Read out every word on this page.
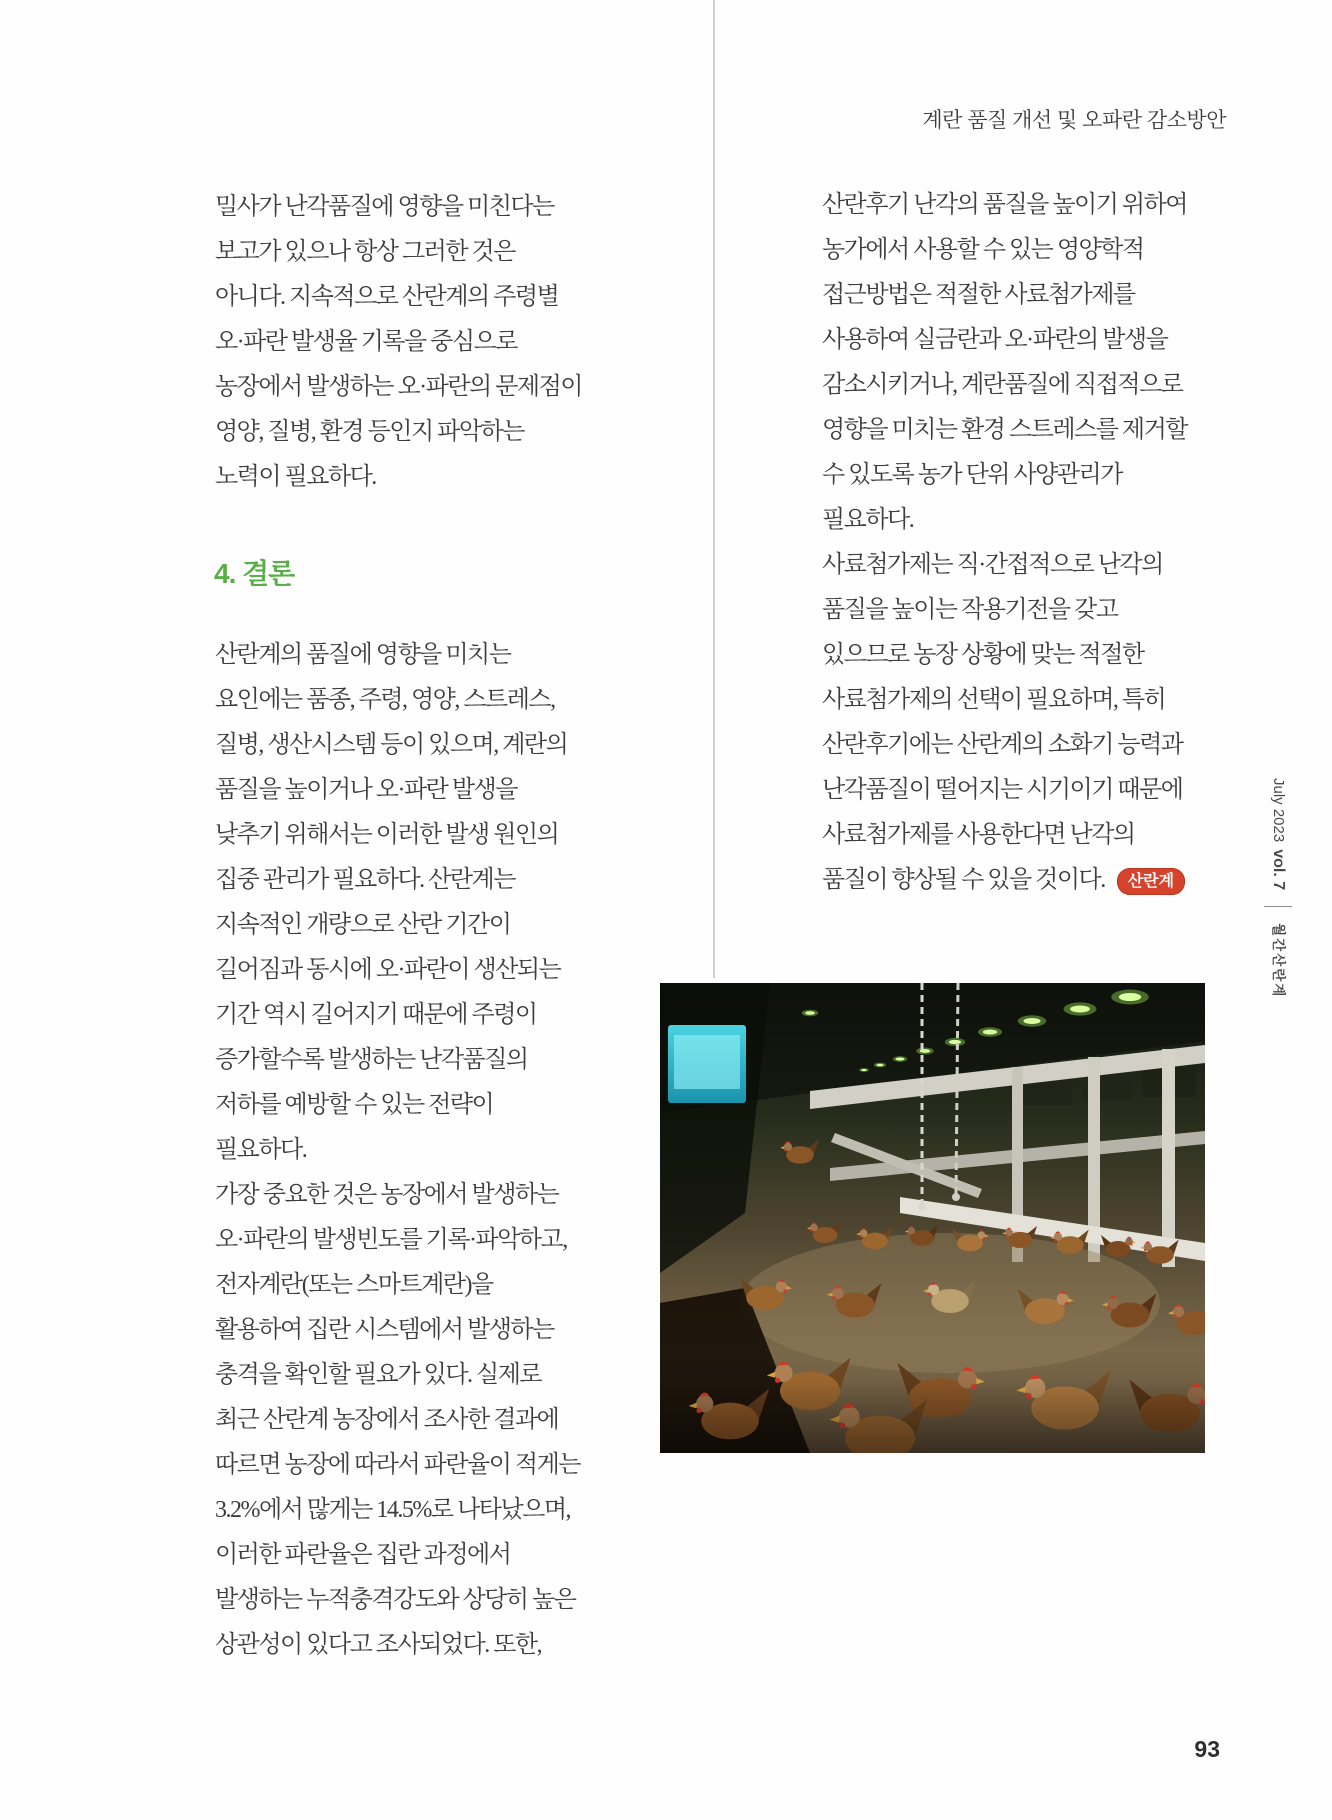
계란 품질 개선 및 오파란 감소방안
밀사가 난각품질에 영향을 미친다는
보고가 있으나 항상 그러한 것은
아니다. 지속적으로 산란계의 주령별
오·파란 발생율 기록을 중심으로
농장에서 발생하는 오·파란의 문제점이
영양, 질병, 환경 등인지 파악하는
노력이 필요하다.
4. 결론
산란계의 품질에 영향을 미치는
요인에는 품종, 주령, 영양, 스트레스,
질병, 생산시스템 등이 있으며, 계란의
품질을 높이거나 오·파란 발생을
낮추기 위해서는 이러한 발생 원인의
집중 관리가 필요하다. 산란계는
지속적인 개량으로 산란 기간이
길어짐과 동시에 오·파란이 생산되는
기간 역시 길어지기 때문에 주령이
증가할수록 발생하는 난각품질의
저하를 예방할 수 있는 전략이
필요하다.
가장 중요한 것은 농장에서 발생하는
오·파란의 발생빈도를 기록·파악하고,
전자계란(또는 스마트계란)을
활용하여 집란 시스템에서 발생하는
충격을 확인할 필요가 있다. 실제로
최근 산란계 농장에서 조사한 결과에
따르면 농장에 따라서 파란율이 적게는
3.2%에서 많게는 14.5%로 나타났으며,
이러한 파란율은 집란 과정에서
발생하는 누적충격강도와 상당히 높은
상관성이 있다고 조사되었다. 또한,
산란후기 난각의 품질을 높이기 위하여
농가에서 사용할 수 있는 영양학적
접근방법은 적절한 사료첨가제를
사용하여 실금란과 오·파란의 발생을
감소시키거나, 계란품질에 직접적으로
영향을 미치는 환경 스트레스를 제거할
수 있도록 농가 단위 사양관리가
필요하다.
사료첨가제는 직·간접적으로 난각의
품질을 높이는 작용기전을 갖고
있으므로 농장 상황에 맞는 적절한
사료첨가제의 선택이 필요하며, 특히
산란후기에는 산란계의 소화기 능력과
난각품질이 떨어지는 시기이기 때문에
사료첨가제를 사용한다면 난각의
품질이 향상될 수 있을 것이다. 산란계
July 2023vol. 7월간산란계
93
